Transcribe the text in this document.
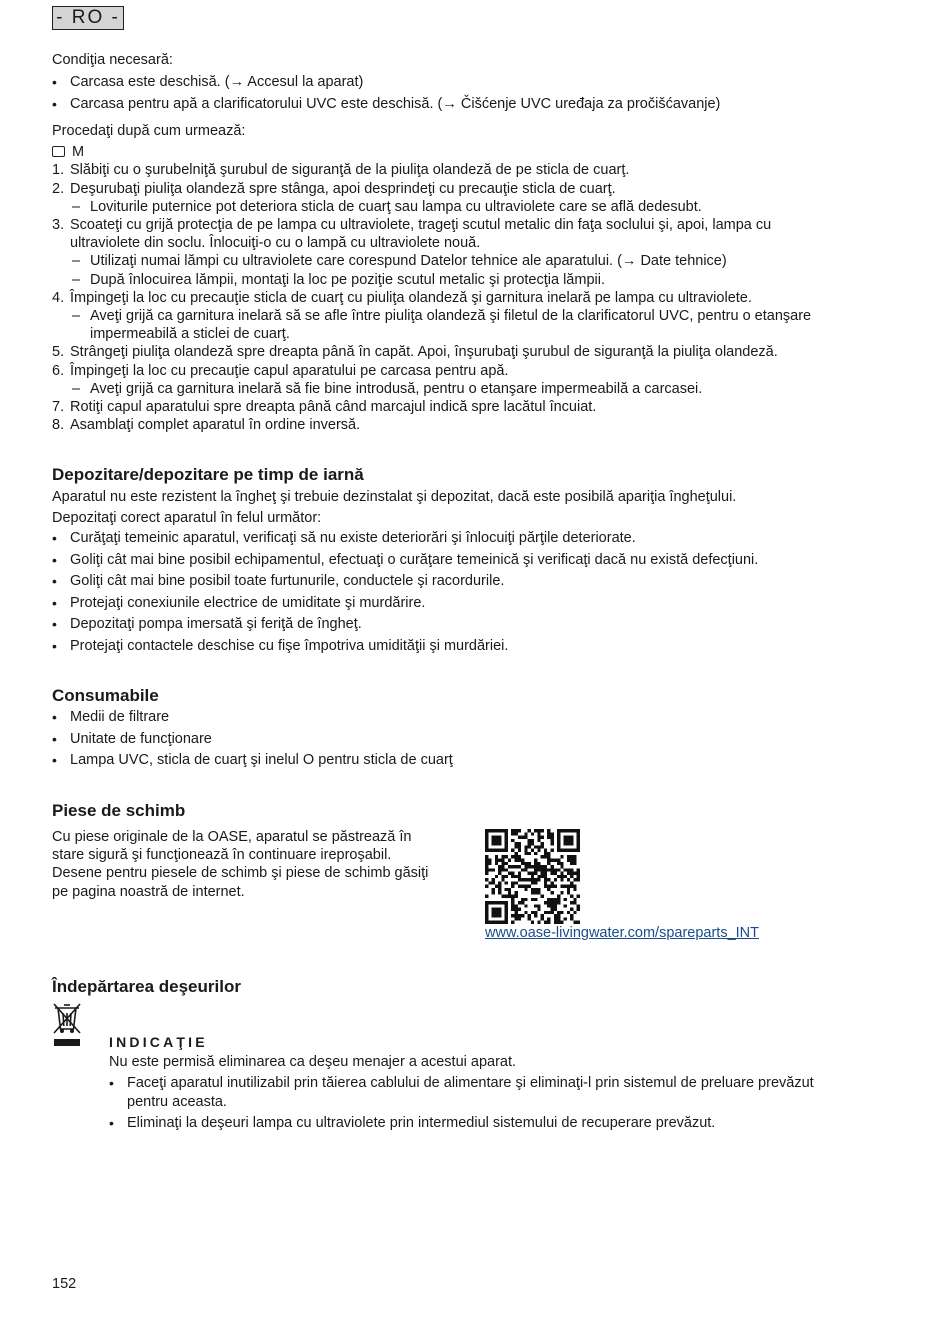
- RO -
Condiţia necesară:
• Carcasa este deschisă. (→ Accesul la aparat)
• Carcasa pentru apă a clarificatorului UVC este deschisă. (→ Čišćenje UVC uređaja za pročišćavanje)
Procedaţi după cum urmează:
M
1. Slăbiţi cu o şurubelniţă şurubul de siguranţă de la piuliţa olandeză de pe sticla de cuarţ.
2. Deşurubaţi piuliţa olandeză spre stânga, apoi desprindeţi cu precauţie sticla de cuarţ.
– Loviturile puternice pot deteriora sticla de cuarţ sau lampa cu ultraviolete care se află dedesubt.
3. Scoateţi cu grijă protecţia de pe lampa cu ultraviolete, trageţi scutul metalic din faţa soclului şi, apoi, lampa cu
ultraviolete din soclu. Înlocuiţi-o cu o lampă cu ultraviolete nouă.
– Utilizaţi numai lămpi cu ultraviolete care corespund Datelor tehnice ale aparatului. (→ Date tehnice)
– După înlocuirea lămpii, montaţi la loc pe poziţie scutul metalic şi protecţia lămpii.
4. Împingeţi la loc cu precauţie sticla de cuarţ cu piuliţa olandeză şi garnitura inelară pe lampa cu ultraviolete.
– Aveţi grijă ca garnitura inelară să se afle între piuliţa olandeză şi filetul de la clarificatorul UVC, pentru o etanşare
impermeabilă a sticlei de cuarţ.
5. Strângeţi piuliţa olandeză spre dreapta până în capăt. Apoi, înşurubaţi şurubul de siguranţă la piuliţa olandeză.
6. Împingeţi la loc cu precauţie capul aparatului pe carcasa pentru apă.
– Aveţi grijă ca garnitura inelară să fie bine introdusă, pentru o etanşare impermeabilă a carcasei.
7. Rotiţi capul aparatului spre dreapta până când marcajul indică spre lacătul încuiat.
8. Asamblaţi complet aparatul în ordine inversă.
Depozitare/depozitare pe timp de iarnă
Aparatul nu este rezistent la îngheţ şi trebuie dezinstalat şi depozitat, dacă este posibilă apariţia îngheţului.
Depozitaţi corect aparatul în felul următor:
• Curăţaţi temeinic aparatul, verificaţi să nu existe deteriorări şi înlocuiţi părţile deteriorate.
• Goliţi cât mai bine posibil echipamentul, efectuaţi o curăţare temeinică şi verificaţi dacă nu există defecţiuni.
• Goliţi cât mai bine posibil toate furtunurile, conductele şi racordurile.
• Protejaţi conexiunile electrice de umiditate şi murdărire.
• Depozitaţi pompa imersată şi feriţă de îngheţ.
• Protejaţi contactele deschise cu fişe împotriva umidităţii şi murdăriei.
Consumabile
• Medii de filtrare
• Unitate de funcţionare
• Lampa UVC, sticla de cuarţ şi inelul O pentru sticla de cuarţ
Piese de schimb
Cu piese originale de la OASE, aparatul se păstrează în
stare sigură şi funcţionează în continuare ireproşabil.
Desene pentru piesele de schimb şi piese de schimb găsiţi
pe pagina noastră de internet.
www.oase-livingwater.com/spareparts_INT
Îndepărtarea deşeurilor
INDICAŢIE
Nu este permisă eliminarea ca deşeu menajer a acestui aparat.
• Faceţi aparatul inutilizabil prin tăierea cablului de alimentare şi eliminaţi-l prin sistemul de preluare prevăzut
pentru aceasta.
• Eliminaţi la deşeuri lampa cu ultraviolete prin intermediul sistemului de recuperare prevăzut.
152
